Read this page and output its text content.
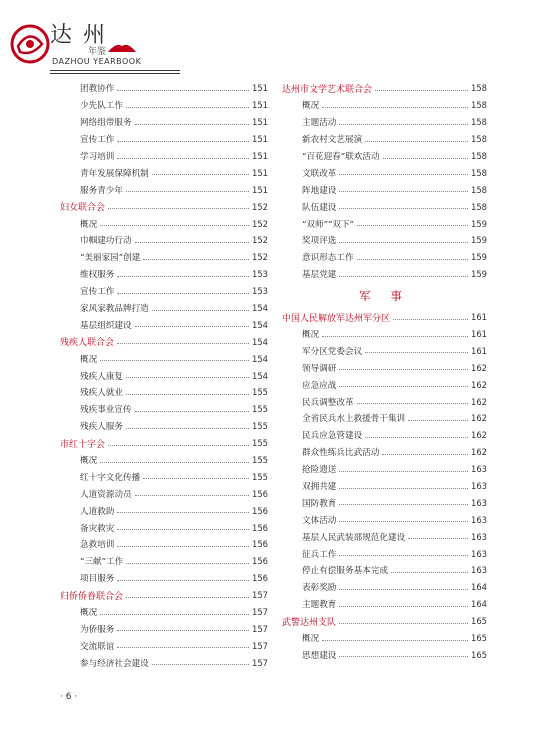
达 州
年鉴
DAZHOU YEARBOOK
团教协作	151
少先队工作	151
网络组带服务	151
宣传工作	151
学习培训	151
青年发展保障机制	151
服务青少年	151
妇女联合会	152
概况	152
巾帼建功行动	152
“美丽家园”创建	152
维权服务	153
宣传工作	153
家风家教品牌打造	154
基层组织建设	154
残疾人联合会	154
概况	154
残疾人康复	154
残疾人就业	155
残疾事业宣传	155
残疾人服务	155
市红十字会	155
概况	155
红十字文化传播	155
人道资源动员	156
人道救助	156
备灾救灾	156
急救培训	156
“三献”工作	156
项目服务	156
归侨侨眷联合会	157
概况	157
为侨服务	157
交流联谊	157
参与经济社会建设	157
达州市文学艺术联合会	158
概况	158
主题活动	158
新农村文艺展演	158
“百花迎春”联欢活动	158
文联改革	158
阵地建设	158
队伍建设	158
“双师”“双下”	159
奖项评选	159
意识形态工作	159
基层党建	159
军 事
中国人民解放军达州军分区	161
概况	161
军分区党委会议	161
领导调研	162
应急应战	162
民兵调整改革	162
全省民兵水上救援骨干集训	162
民兵应急管建设	162
群众性练兵比武活动	162
抢险遗送	163
双拥共建	163
国防教育	163
文体活动	163
基层人民武装部规范化建设	163
征兵工作	163
停止有偿服务基本完成	163
表彰奖励	164
主题教育	164
武警达州支队	165
概况	165
思想建设	165
· 6 ·
